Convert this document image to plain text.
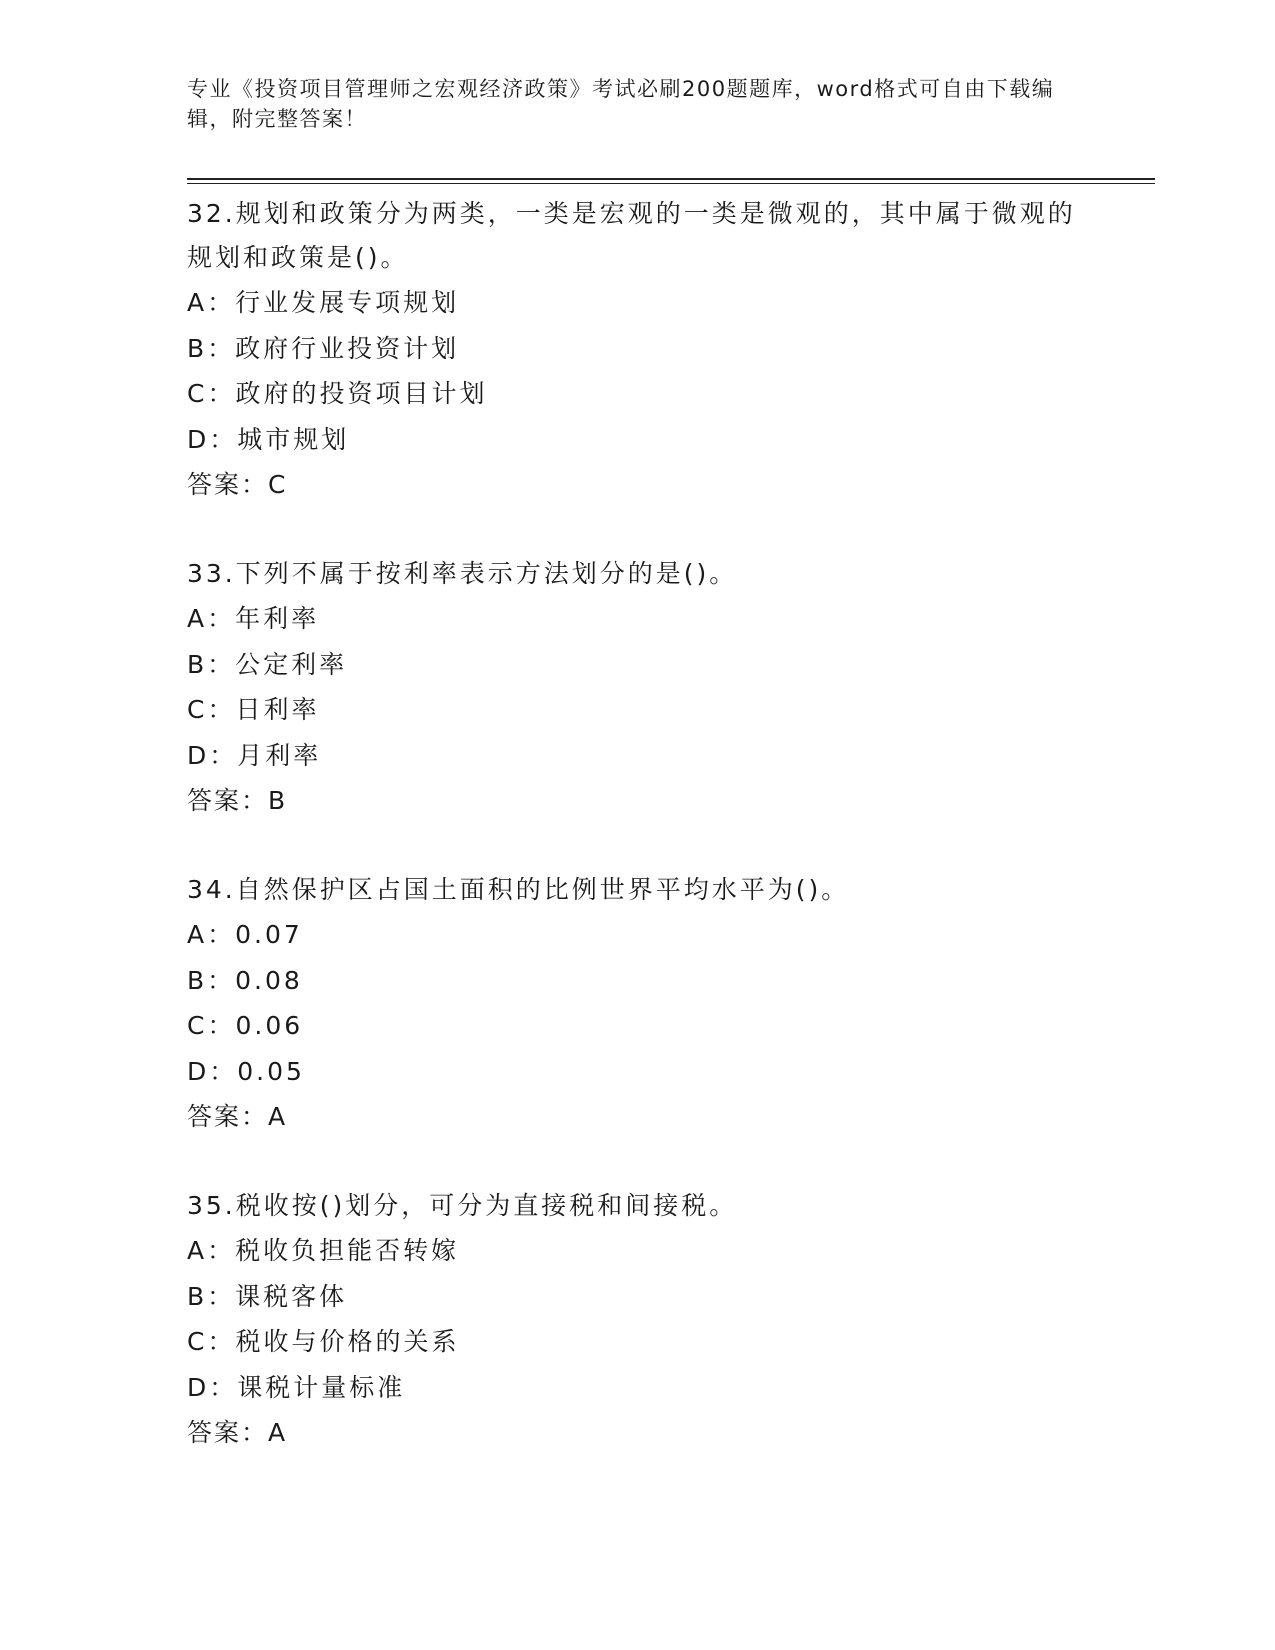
专业《投资项目管理师之宏观经济政策》考试必刷200题题库，word格式可自由下载编辑，附完整答案！

32.规划和政策分为两类，一类是宏观的一类是微观的，其中属于微观的规划和政策是()。

A：行业发展专项规划

B：政府行业投资计划

C：政府的投资项目计划

D：城市规划

答案：C

33.下列不属于按利率表示方法划分的是()。

A：年利率

B：公定利率

C：日利率

D：月利率

答案：B

34.自然保护区占国土面积的比例世界平均水平为()。

A：0.07

B：0.08

C：0.06

D：0.05

答案：A

35.税收按()划分，可分为直接税和间接税。

A：税收负担能否转嫁

B：课税客体

C：税收与价格的关系

D：课税计量标准

答案：A
